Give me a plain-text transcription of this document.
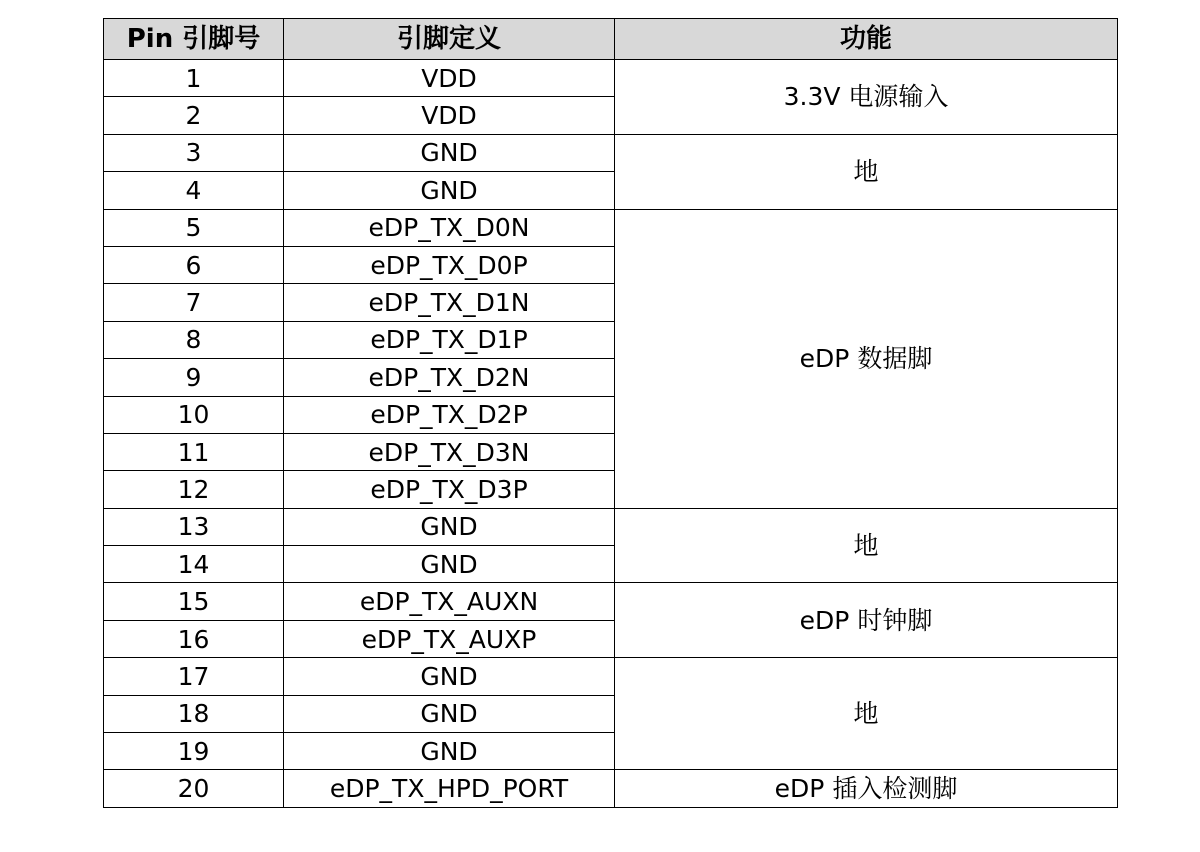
Pin 引脚号	引脚定义	功能
1	VDD	3.3V 电源输入
2	VDD	
3	GND	地
4	GND	
5	eDP_TX_D0N	eDP 数据脚
6	eDP_TX_D0P	
7	eDP_TX_D1N	
8	eDP_TX_D1P	
9	eDP_TX_D2N	
10	eDP_TX_D2P	
11	eDP_TX_D3N	
12	eDP_TX_D3P	
13	GND	地
14	GND	
15	eDP_TX_AUXN	eDP 时钟脚
16	eDP_TX_AUXP	
17	GND	地
18	GND	
19	GND	
20	eDP_TX_HPD_PORT	eDP 插入检测脚
